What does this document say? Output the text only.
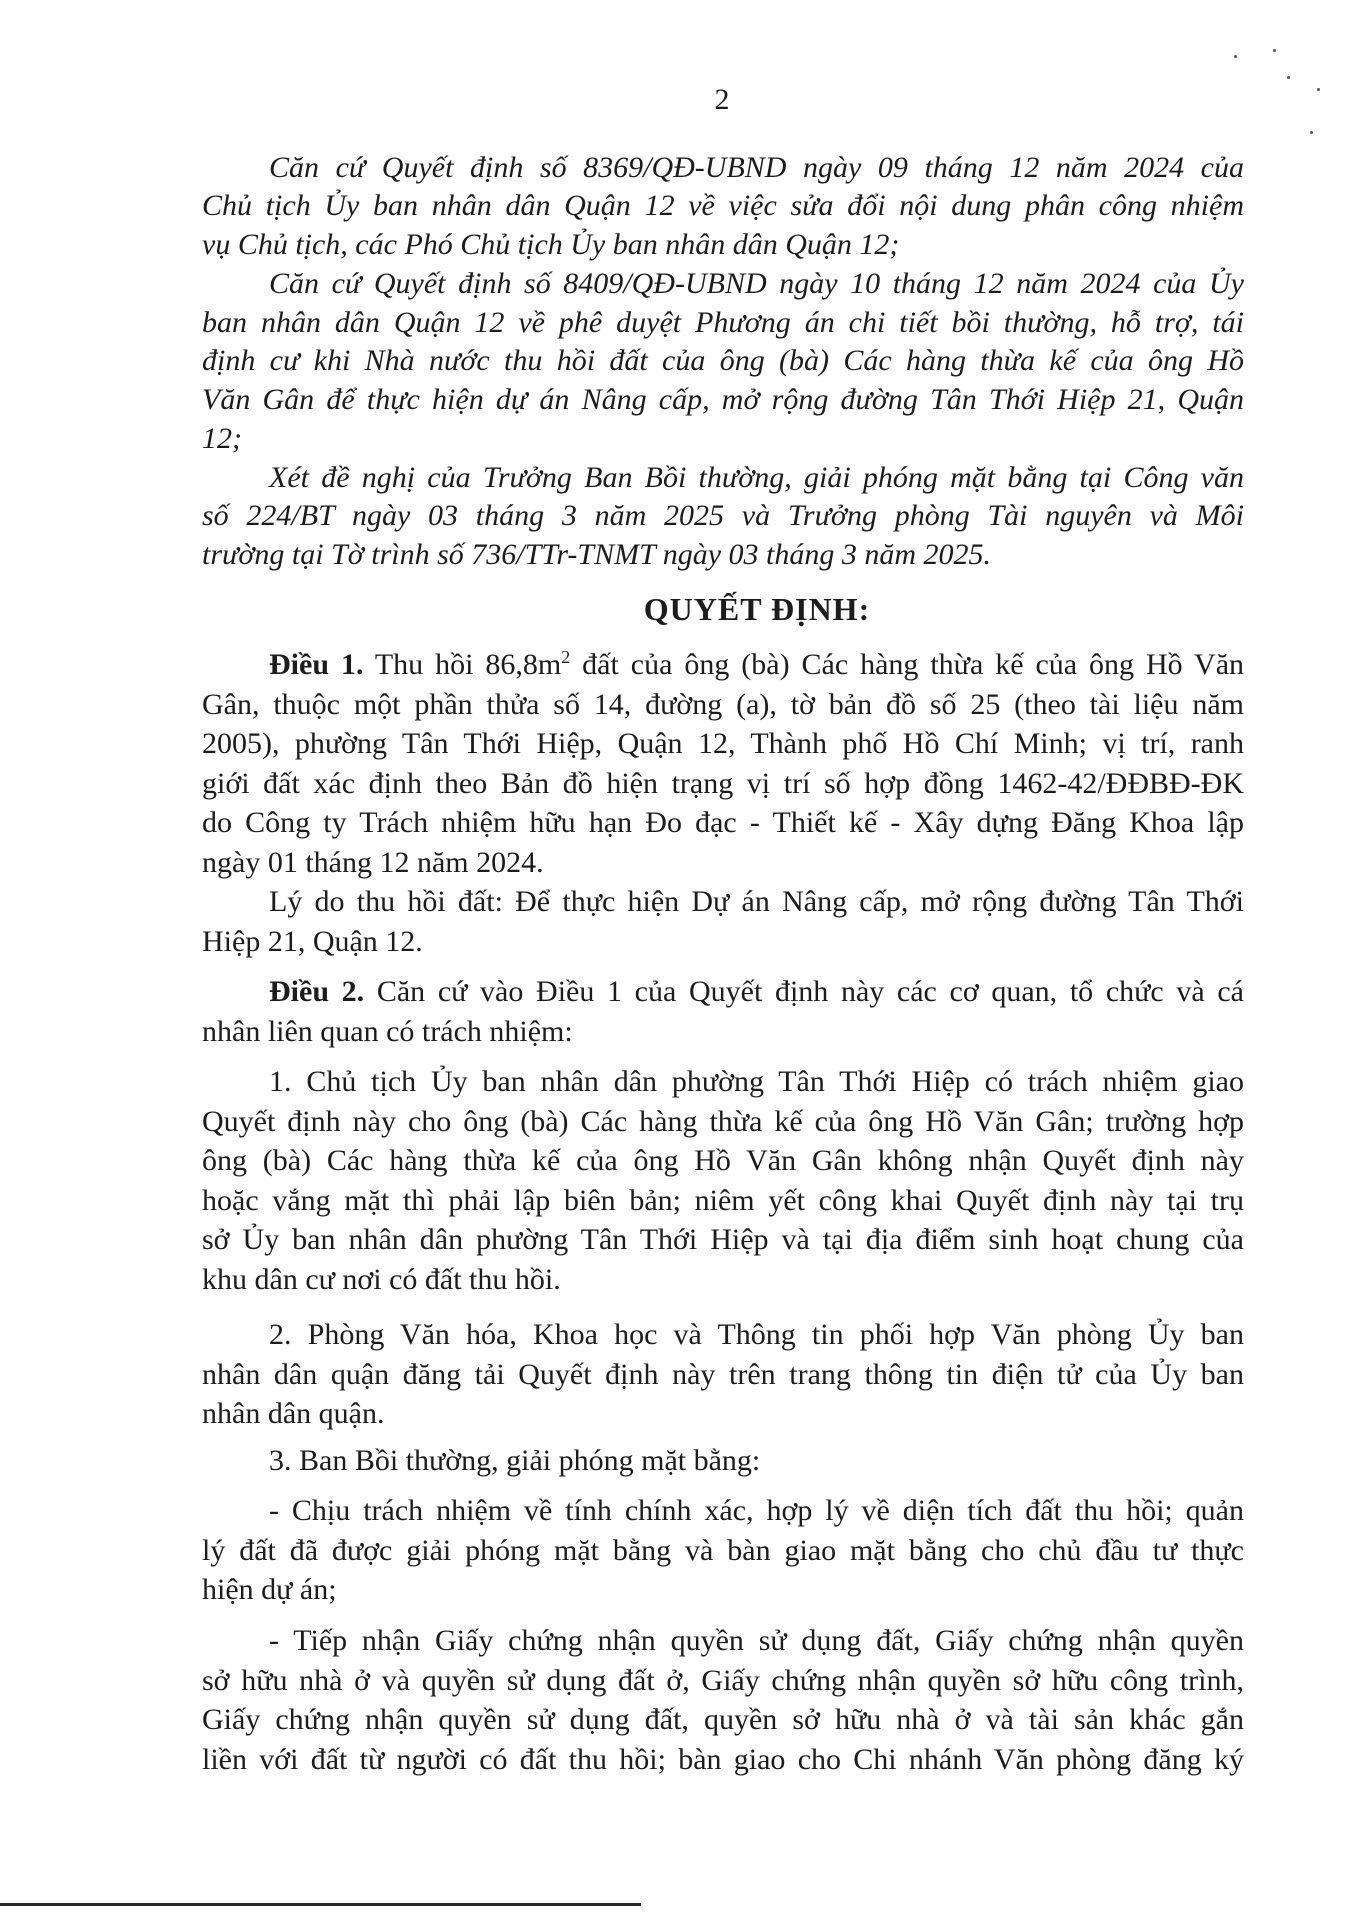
2
Căn cứ Quyết định số 8369/QĐ-UBND ngày 09 tháng 12 năm 2024 của
Chủ tịch Ủy ban nhân dân Quận 12 về việc sửa đổi nội dung phân công nhiệm
vụ Chủ tịch, các Phó Chủ tịch Ủy ban nhân dân Quận 12;
Căn cứ Quyết định số 8409/QĐ-UBND ngày 10 tháng 12 năm 2024 của Ủy
ban nhân dân Quận 12 về phê duyệt Phương án chi tiết bồi thường, hỗ trợ, tái
định cư khi Nhà nước thu hồi đất của ông (bà) Các hàng thừa kế của ông Hồ
Văn Gân để thực hiện dự án Nâng cấp, mở rộng đường Tân Thới Hiệp 21, Quận
12;
Xét đề nghị của Trưởng Ban Bồi thường, giải phóng mặt bằng tại Công văn
số 224/BT ngày 03 tháng 3 năm 2025 và Trưởng phòng Tài nguyên và Môi
trường tại Tờ trình số 736/TTr-TNMT ngày 03 tháng 3 năm 2025.
QUYẾT ĐỊNH:
Điều 1. Thu hồi $86,8m^2$ đất của ông (bà) Các hàng thừa kế của ông Hồ Văn
Gân, thuộc một phần thửa số 14, đường (a), tờ bản đồ số 25 (theo tài liệu năm
2005), phường Tân Thới Hiệp, Quận 12, Thành phố Hồ Chí Minh; vị trí, ranh
giới đất xác định theo Bản đồ hiện trạng vị trí số hợp đồng 1462-42/ĐĐBĐ-ĐK
do Công ty Trách nhiệm hữu hạn Đo đạc - Thiết kế - Xây dựng Đăng Khoa lập
ngày 01 tháng 12 năm 2024.
Lý do thu hồi đất: Để thực hiện Dự án Nâng cấp, mở rộng đường Tân Thới
Hiệp 21, Quận 12.
Điều 2. Căn cứ vào Điều 1 của Quyết định này các cơ quan, tổ chức và cá
nhân liên quan có trách nhiệm:
1. Chủ tịch Ủy ban nhân dân phường Tân Thới Hiệp có trách nhiệm giao
Quyết định này cho ông (bà) Các hàng thừa kế của ông Hồ Văn Gân; trường hợp
ông (bà) Các hàng thừa kế của ông Hồ Văn Gân không nhận Quyết định này
hoặc vắng mặt thì phải lập biên bản; niêm yết công khai Quyết định này tại trụ
sở Ủy ban nhân dân phường Tân Thới Hiệp và tại địa điểm sinh hoạt chung của
khu dân cư nơi có đất thu hồi.
2. Phòng Văn hóa, Khoa học và Thông tin phối hợp Văn phòng Ủy ban
nhân dân quận đăng tải Quyết định này trên trang thông tin điện tử của Ủy ban
nhân dân quận.
3. Ban Bồi thường, giải phóng mặt bằng:
- Chịu trách nhiệm về tính chính xác, hợp lý về diện tích đất thu hồi; quản
lý đất đã được giải phóng mặt bằng và bàn giao mặt bằng cho chủ đầu tư thực
hiện dự án;
- Tiếp nhận Giấy chứng nhận quyền sử dụng đất, Giấy chứng nhận quyền
sở hữu nhà ở và quyền sử dụng đất ở, Giấy chứng nhận quyền sở hữu công trình,
Giấy chứng nhận quyền sử dụng đất, quyền sở hữu nhà ở và tài sản khác gắn
liền với đất từ người có đất thu hồi; bàn giao cho Chi nhánh Văn phòng đăng ký
